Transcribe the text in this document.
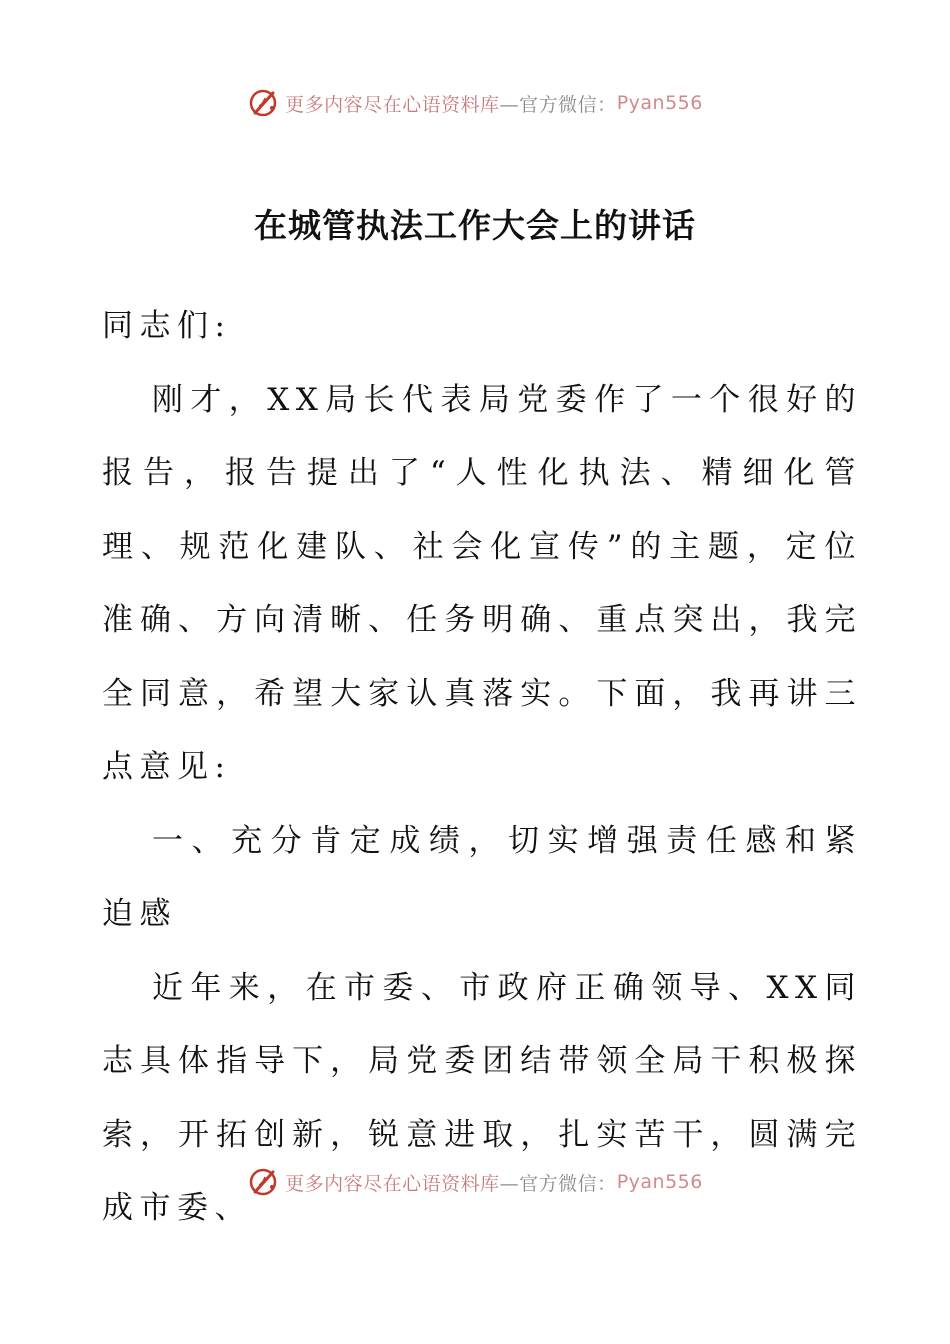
更多内容尽在心语资料库 —官方微信： Pyan556
在城管执法工作大会上的讲话

同志们:

刚才，XX局长代表局党委作了一个很好的报告，报告提出了“人性化执法、精细化管理、规范化建队、社会化宣传”的主题，定位准确、方向清晰、任务明确、重点突出，我完全同意，希望大家认真落实。下面，我再讲三点意见:

一、充分肯定成绩，切实增强责任感和紧迫感

近年来，在市委、市政府正确领导、XX同志具体指导下，局党委团结带领全局干积极探索，开拓创新，锐意进取，扎实苦干，圆满完成市委、

更多内容尽在心语资料库 —官方微信： Pyan556
